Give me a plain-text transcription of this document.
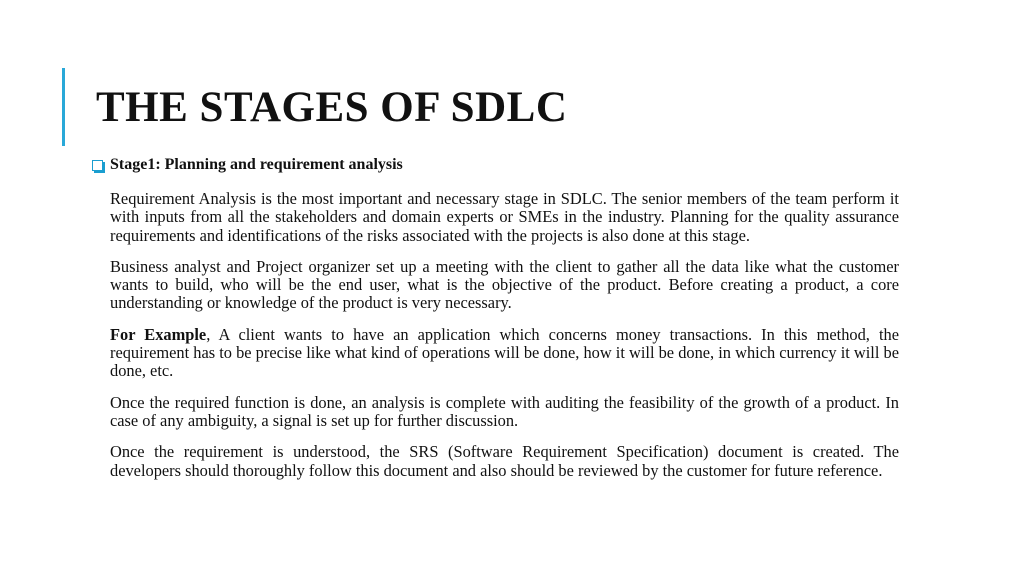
THE STAGES OF SDLC
Stage1: Planning and requirement analysis

Requirement Analysis is the most important and necessary stage in SDLC. The senior members of the team perform it with inputs from all the stakeholders and domain experts or SMEs in the industry. Planning for the quality assurance requirements and identifications of the risks associated with the projects is also done at this stage.

Business analyst and Project organizer set up a meeting with the client to gather all the data like what the customer wants to build, who will be the end user, what is the objective of the product. Before creating a product, a core understanding or knowledge of the product is very necessary.

For Example, A client wants to have an application which concerns money transactions. In this method, the requirement has to be precise like what kind of operations will be done, how it will be done, in which currency it will be done, etc.

Once the required function is done, an analysis is complete with auditing the feasibility of the growth of a product. In case of any ambiguity, a signal is set up for further discussion.

Once the requirement is understood, the SRS (Software Requirement Specification) document is created. The developers should thoroughly follow this document and also should be reviewed by the customer for future reference.
